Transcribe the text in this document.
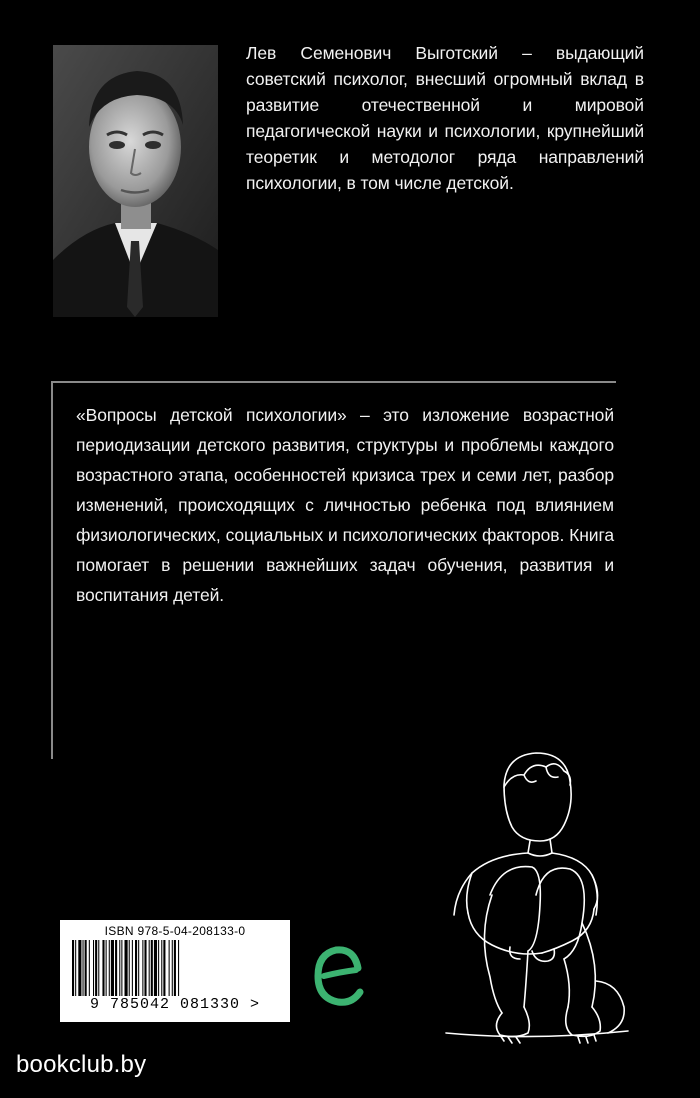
Лев Семенович Выготский – выдающий советский психолог, внесший огромный вклад в развитие отечественной и мировой педагогической науки и психологии, крупнейший теоретик и методолог ряда направлений психологии, в том числе детской.

«Вопросы детской психологии» – это изложение возрастной периодизации детского развития, структуры и проблемы каждого возрастного этапа, особенностей кризиса трех и семи лет, разбор изменений, происходящих с личностью ребенка под влиянием физиологических, социальных и психологических факторов. Книга помогает в решении важнейших задач обучения, развития и воспитания детей.

ISBN 978-5-04-208133-0
9 785042 081330 >
bookclub.by
